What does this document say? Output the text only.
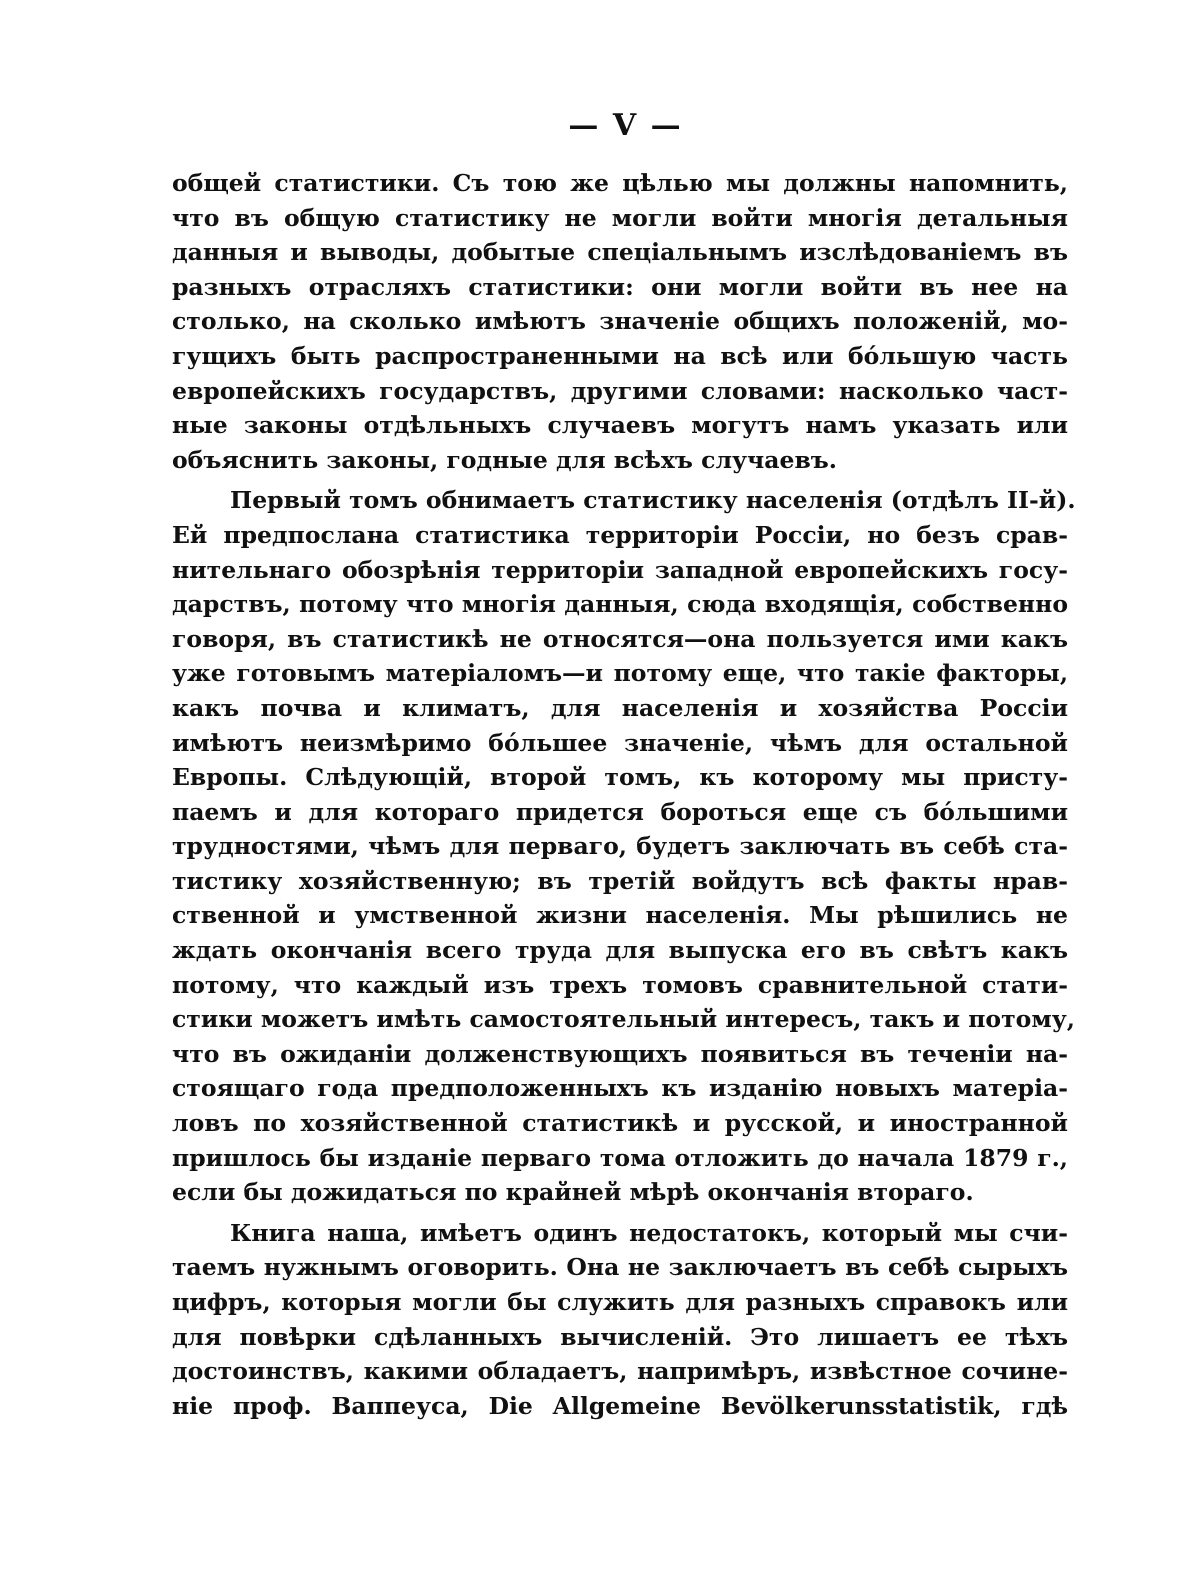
— V —

общей статистики. Съ тою же цѣлью мы должны напомнить,
что въ общую статистику не могли войти многія детальныя
данныя и выводы, добытые спеціальнымъ изслѣдованіемъ въ
разныхъ отрасляхъ статистики: они могли войти въ нее на
столько, на сколько имѣютъ значеніе общихъ положеній, мо-
гущихъ быть распространенными на всѣ или бóльшую часть
европейскихъ государствъ, другими словами: насколько част-
ные законы отдѣльныхъ случаевъ могутъ намъ указать или
объяснить законы, годные для всѣхъ случаевъ.
Первый томъ обнимаетъ статистику населенія (отдѣлъ II-й).
Ей предпослана статистика территоріи Россіи, но безъ срав-
нительнаго обозрѣнія территоріи западной европейскихъ госу-
дарствъ, потому что многія данныя, сюда входящія, собственно
говоря, въ статистикѣ не относятся—она пользуется ими какъ
уже готовымъ матеріаломъ—и потому еще, что такіе факторы,
какъ почва и климатъ, для населенія и хозяйства Россіи
имѣютъ неизмѣримо бóльшее значеніе, чѣмъ для остальной
Европы. Слѣдующій, второй томъ, къ которому мы присту-
паемъ и для котораго придется бороться еще съ бóльшими
трудностями, чѣмъ для перваго, будетъ заключать въ себѣ ста-
тистику хозяйственную; въ третій войдутъ всѣ факты нрав-
ственной и умственной жизни населенія. Мы рѣшились не
ждать окончанія всего труда для выпуска его въ свѣтъ какъ
потому, что каждый изъ трехъ томовъ сравнительной стати-
стики можетъ имѣть самостоятельный интересъ, такъ и потому,
что въ ожиданіи долженствующихъ появиться въ теченіи на-
стоящаго года предположенныхъ къ изданію новыхъ матеріа-
ловъ по хозяйственной статистикѣ и русской, и иностранной
пришлось бы изданіе перваго тома отложить до начала 1879 г.,
если бы дожидаться по крайней мѣрѣ окончанія втораго.
Книга наша, имѣетъ одинъ недостатокъ, который мы счи-
таемъ нужнымъ оговорить. Она не заключаетъ въ себѣ сырыхъ
цифръ, которыя могли бы служить для разныхъ справокъ или
для повѣрки сдѣланныхъ вычисленій. Это лишаетъ ее тѣхъ
достоинствъ, какими обладаетъ, напримѣръ, извѣстное сочине-
ніе проф. Ваппеуса, Die Allgemeine Bevölkerunsstatistik, гдѣ
